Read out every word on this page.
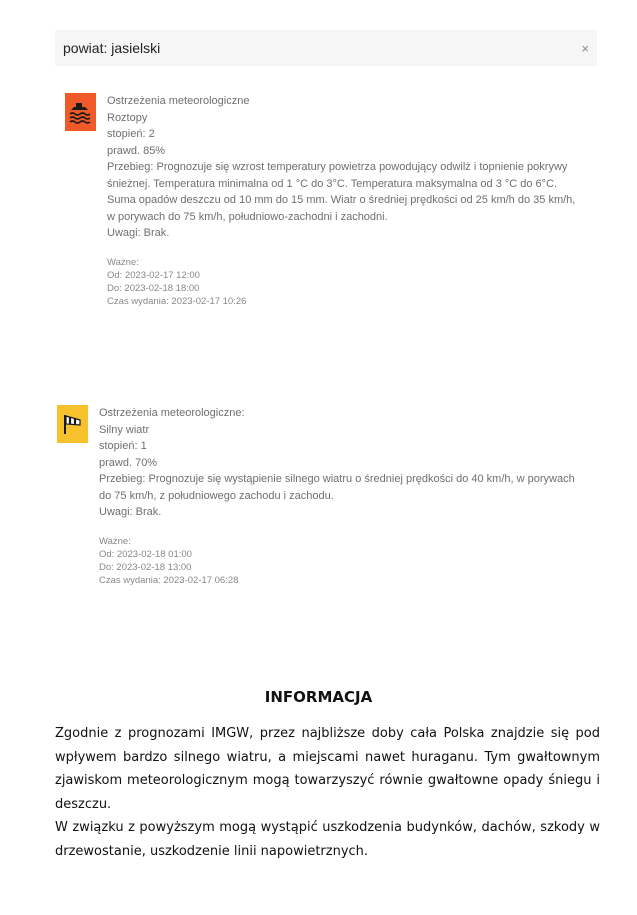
powiat: jasielski	×
Ostrzeżenia meteorologiczne
Roztopy
stopień: 2
prawd. 85%
Przebieg: Prognozuje się wzrost temperatury powietrza powodujący odwilż i topnienie pokrywy
śnieżnej. Temperatura minimalna od 1 °C do 3°C. Temperatura maksymalna od 3 °C do 6°C.
Suma opadów deszczu od 10 mm do 15 mm. Wiatr o średniej prędkości od 25 km/h do 35 km/h,
w porywach do 75 km/h, południowo-zachodni i zachodni.
Uwagi: Brak.
Ważne:
Od: 2023-02-17 12:00
Do: 2023-02-18 18:00
Czas wydania: 2023-02-17 10:26
Ostrzeżenia meteorologiczne:
Silny wiatr
stopień: 1
prawd. 70%
Przebieg: Prognozuje się wystąpienie silnego wiatru o średniej prędkości do 40 km/h, w porywach
do 75 km/h, z południowego zachodu i zachodu.
Uwagi: Brak.
Ważne:
Od: 2023-02-18 01:00
Do: 2023-02-18 13:00
Czas wydania: 2023-02-17 06:28
INFORMACJA

Zgodnie z prognozami IMGW, przez najbliższe doby cała Polska znajdzie się pod wpływem bardzo silnego wiatru, a miejscami nawet huraganu. Tym gwałtownym zjawiskom meteorologicznym mogą towarzyszyć równie gwałtowne opady śniegu i deszczu.

W związku z powyższym mogą wystąpić uszkodzenia budynków, dachów, szkody w drzewostanie, uszkodzenie linii napowietrznych.
